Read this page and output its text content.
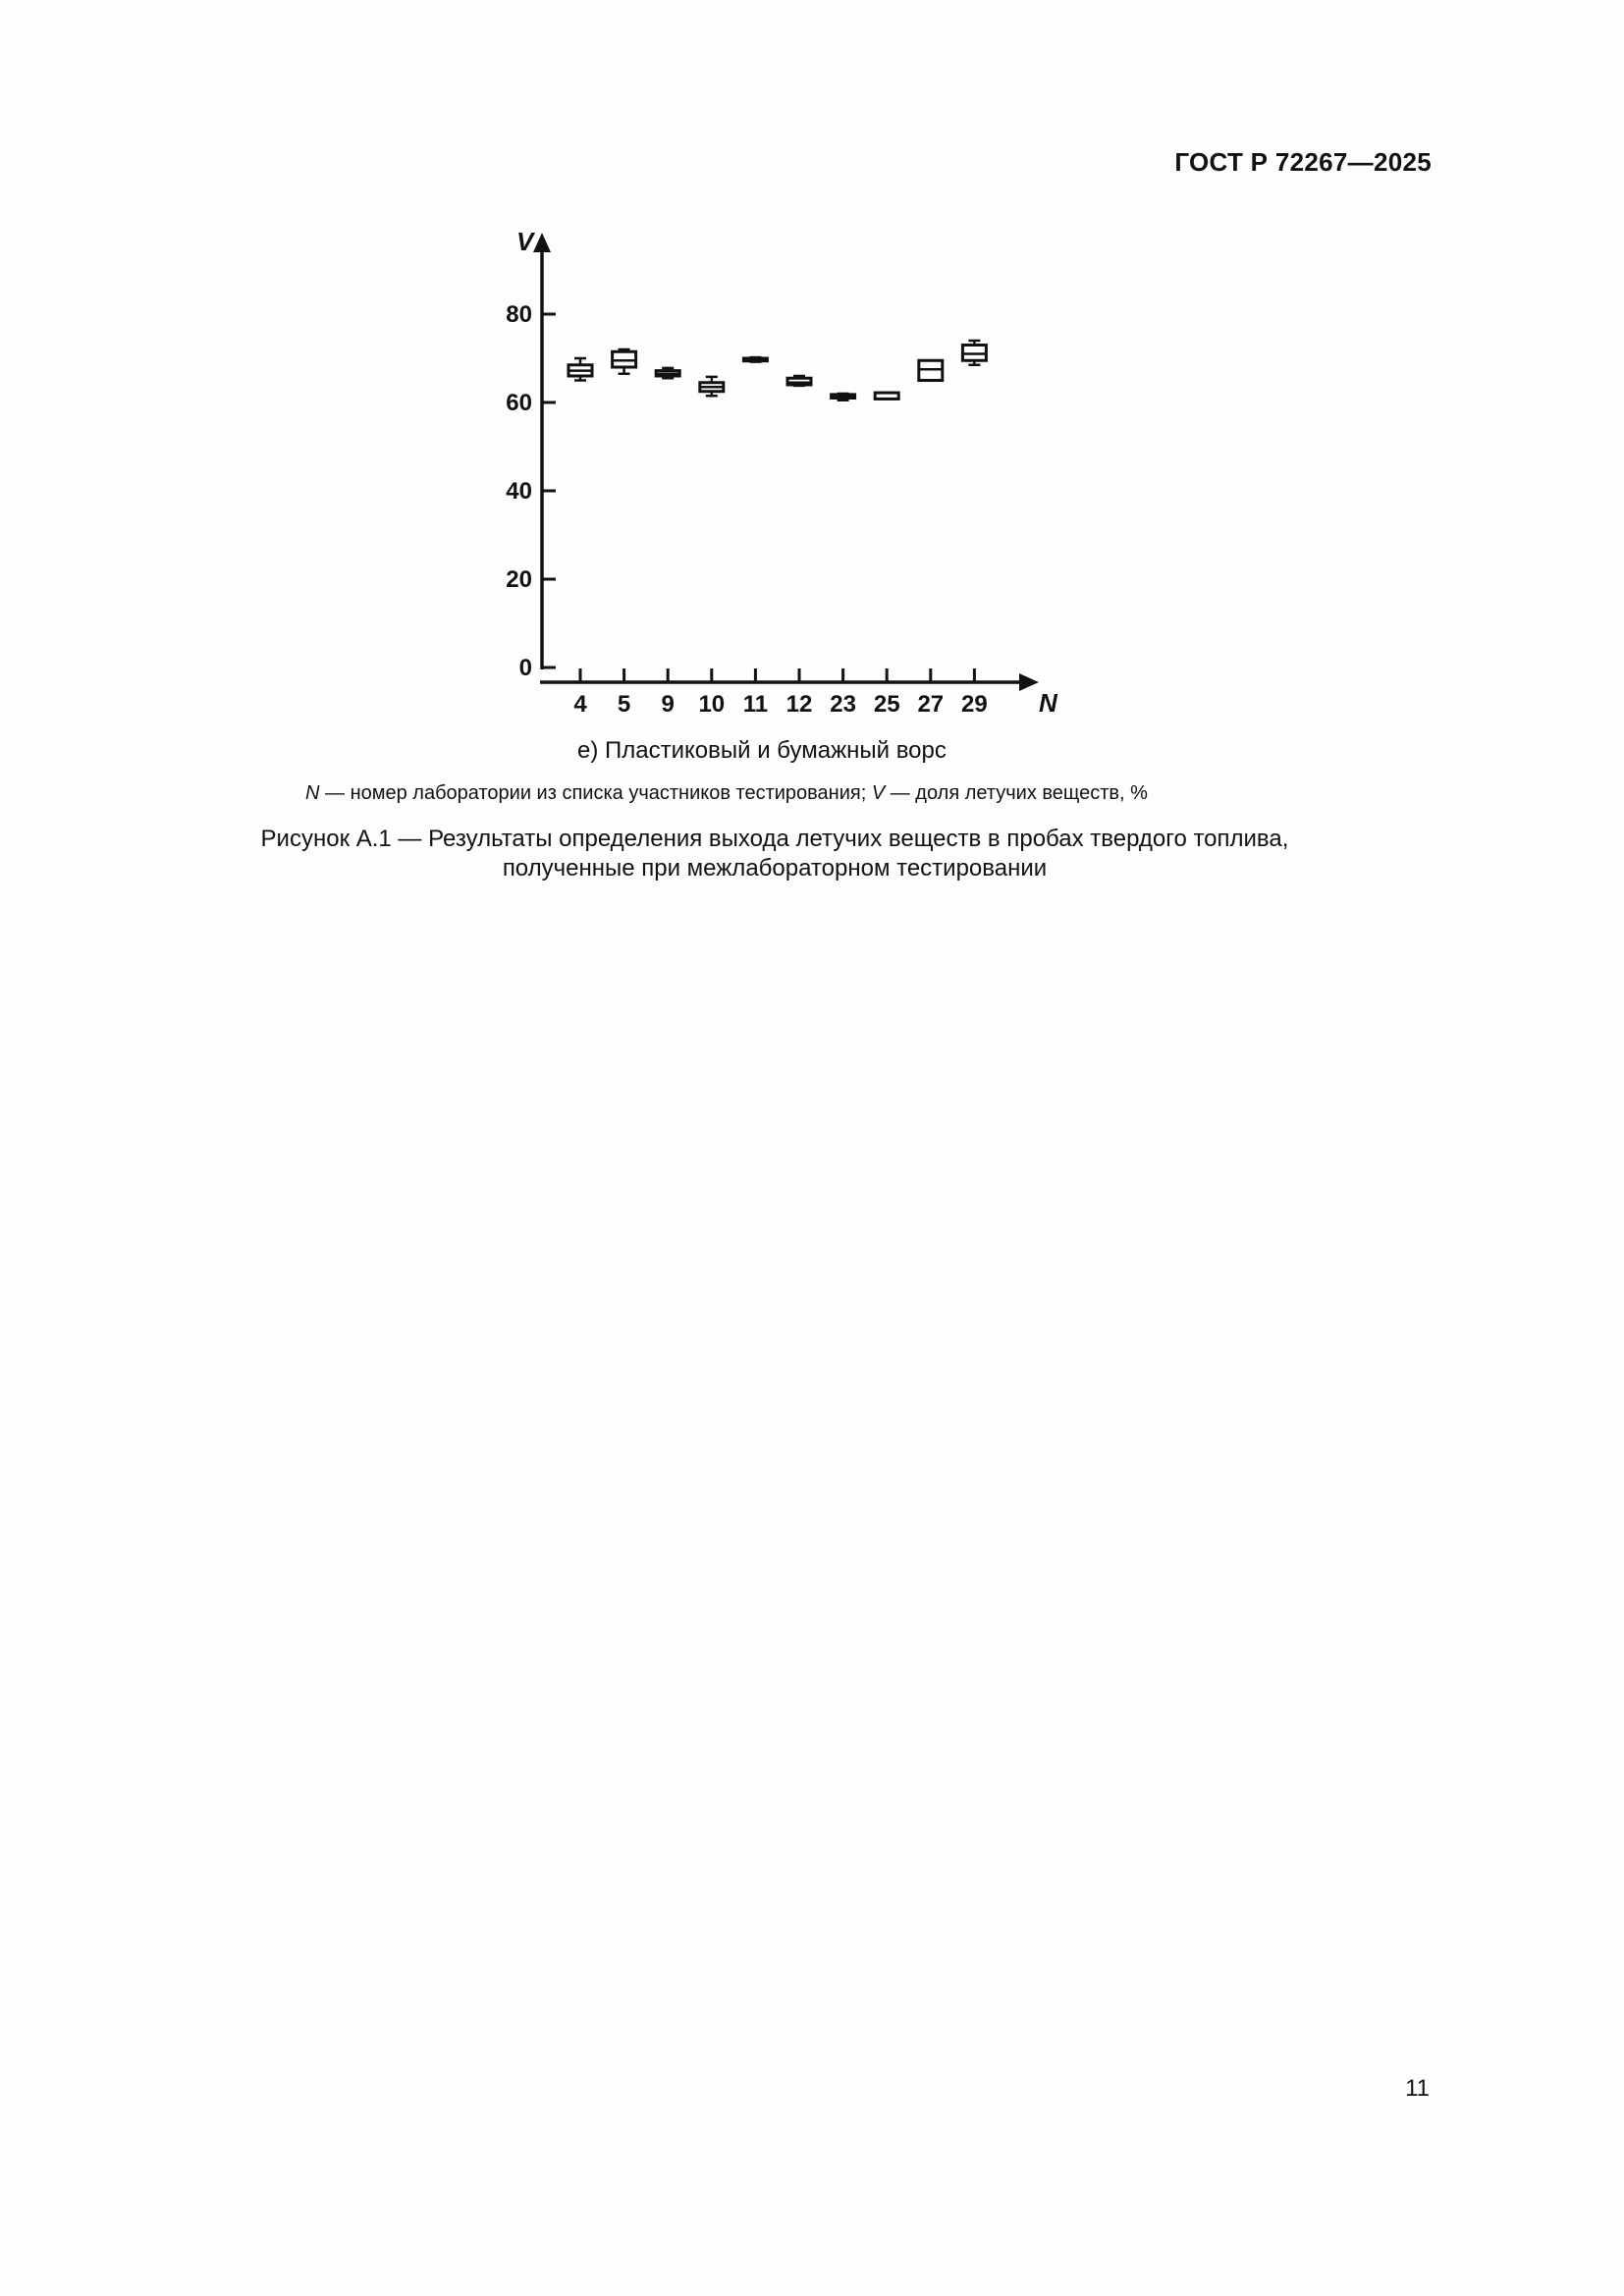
ГОСТ Р 72267—2025
0
20
40
60
80
4 5 9 10 11 12 23 25 27 29
V
N
е) Пластиковый и бумажный ворс
N — номер лаборатории из списка участников тестирования; V — доля летучих веществ, %
Рисунок А.1 — Результаты определения выхода летучих веществ в пробах твердого топлива,
полученные при межлабораторном тестировании
11
